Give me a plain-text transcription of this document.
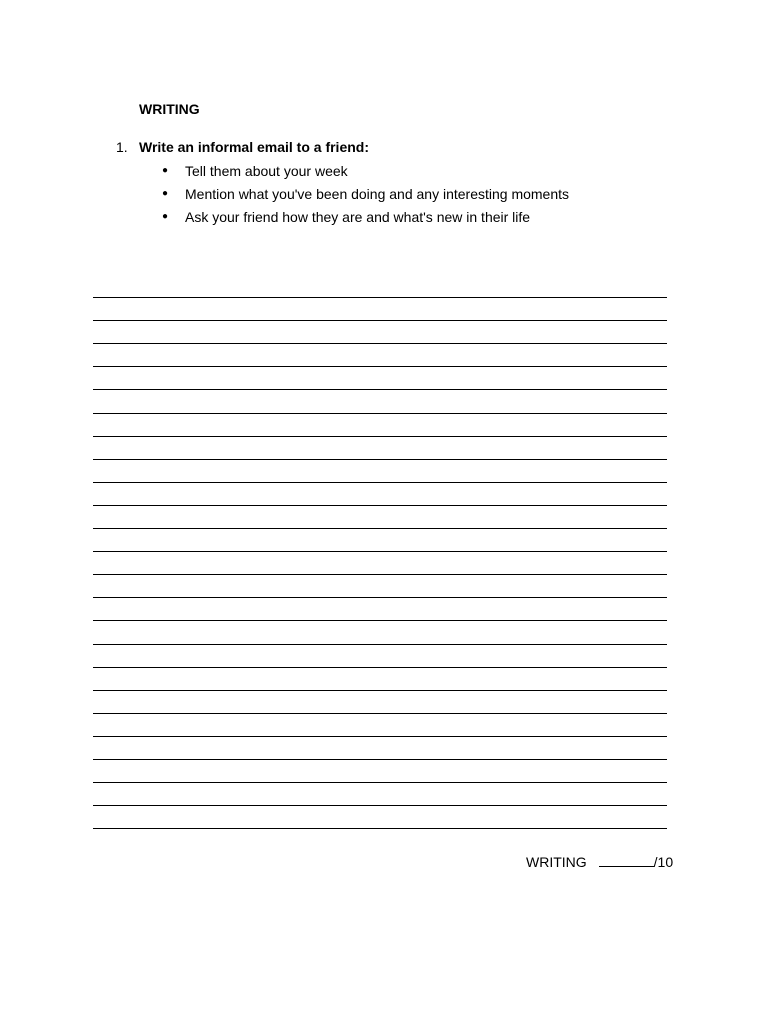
WRITING
1. Write an informal email to a friend:
● Tell them about your week
● Mention what you've been doing and any interesting moments
● Ask your friend how they are and what's new in their life
WRITING	/10
